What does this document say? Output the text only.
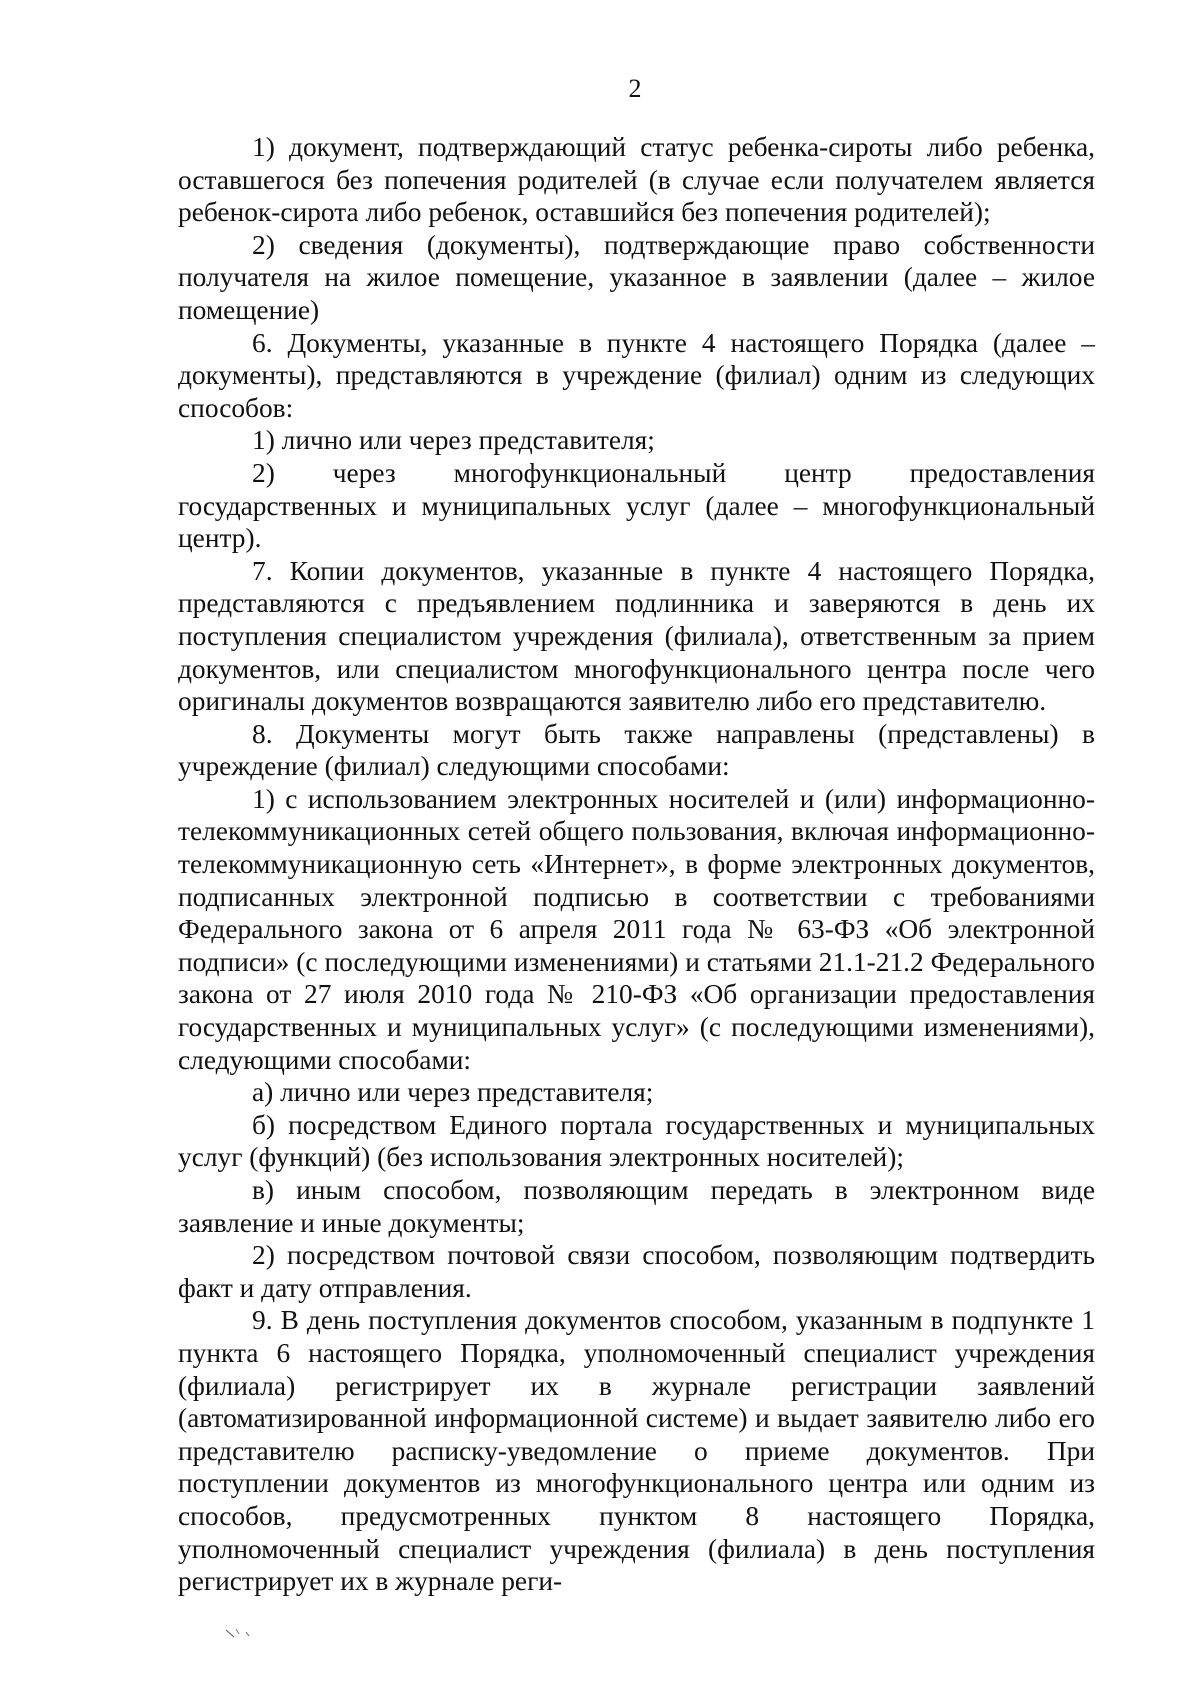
2

1) документ, подтверждающий статус ребенка-сироты либо ребенка, оставшегося без попечения родителей (в случае если получателем является ребенок-сирота либо ребенок, оставшийся без попечения родителей);

2) сведения (документы), подтверждающие право собственности получателя на жилое помещение, указанное в заявлении (далее – жилое помещение)

6. Документы, указанные в пункте 4 настоящего Порядка (далее – документы), представляются в учреждение (филиал) одним из следующих способов:

1) лично или через представителя;

2) через многофункциональный центр предоставления государственных и муниципальных услуг (далее – многофункциональный центр).

7. Копии документов, указанные в пункте 4 настоящего Порядка, представляются с предъявлением подлинника и заверяются в день их поступления специалистом учреждения (филиала), ответственным за прием документов, или специалистом многофункционального центра после чего оригиналы документов возвращаются заявителю либо его представителю.

8. Документы могут быть также направлены (представлены) в учреждение (филиал) следующими способами:

1) с использованием электронных носителей и (или) информационно-телекоммуникационных сетей общего пользования, включая информационно-телекоммуникационную сеть «Интернет», в форме электронных документов, подписанных электронной подписью в соответствии с требованиями Федерального закона от 6 апреля 2011 года № 63-ФЗ «Об электронной подписи» (с последующими изменениями) и статьями 21.1-21.2 Федерального закона от 27 июля 2010 года № 210-ФЗ «Об организации предоставления государственных и муниципальных услуг» (с последующими изменениями), следующими способами:

а) лично или через представителя;

б) посредством Единого портала государственных и муниципальных услуг (функций) (без использования электронных носителей);

в) иным способом, позволяющим передать в электронном виде заявление и иные документы;

2) посредством почтовой связи способом, позволяющим подтвердить факт и дату отправления.

9. В день поступления документов способом, указанным в подпункте 1 пункта 6 настоящего Порядка, уполномоченный специалист учреждения (филиала) регистрирует их в журнале регистрации заявлений (автоматизированной информационной системе) и выдает заявителю либо его представителю расписку-уведомление о приеме документов. При поступлении документов из многофункционального центра или одним из способов, предусмотренных пунктом 8 настоящего Порядка, уполномоченный специалист учреждения (филиала) в день поступления регистрирует их в журнале реги-
